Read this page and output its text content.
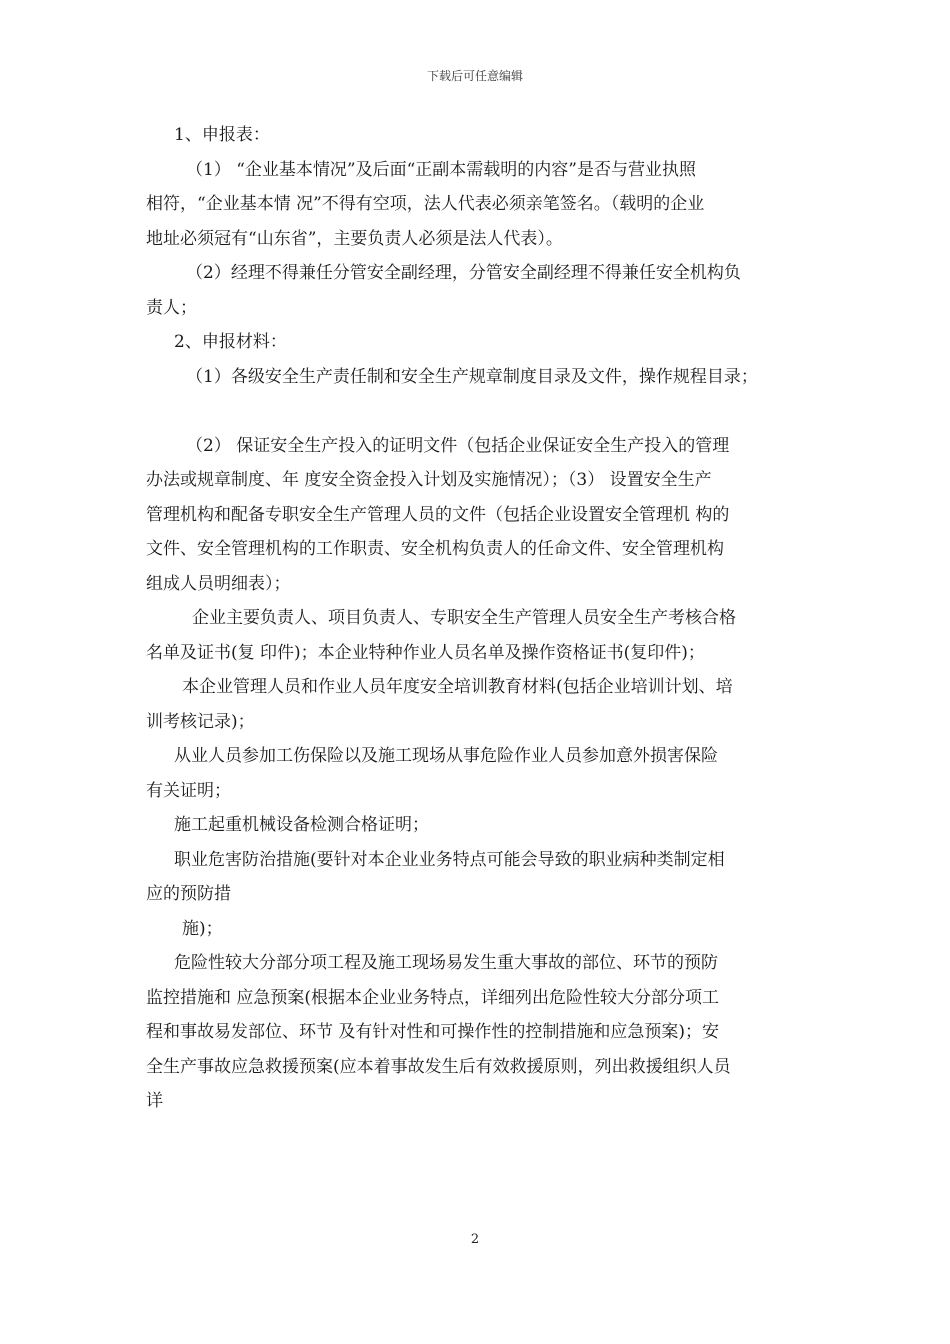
下载后可任意编辑
1、申报表：
（1） “企业基本情况”及后面“正副本需载明的内容”是否与营业执照
相符，“企业基本情 况”不得有空项，法人代表必须亲笔签名。（载明的企业
地址必须冠有“山东省”，主要负责人必须是法人代表）。
（2）经理不得兼任分管安全副经理，分管安全副经理不得兼任安全机构负
责人；
2、申报材料：
（1）各级安全生产责任制和安全生产规章制度目录及文件，操作规程目录；
（2） 保证安全生产投入的证明文件（包括企业保证安全生产投入的管理
办法或规章制度、年 度安全资金投入计划及实施情况）；（3） 设置安全生产
管理机构和配备专职安全生产管理人员的文件（包括企业设置安全管理机 构的
文件、安全管理机构的工作职责、安全机构负责人的任命文件、安全管理机构
组成人员明细表）；
企业主要负责人、项目负责人、专职安全生产管理人员安全生产考核合格
名单及证书(复 印件)；本企业特种作业人员名单及操作资格证书(复印件)；
本企业管理人员和作业人员年度安全培训教育材料(包括企业培训计划、培
训考核记录)；
从业人员参加工伤保险以及施工现场从事危险作业人员参加意外损害保险
有关证明；
施工起重机械设备检测合格证明；
职业危害防治措施(要针对本企业业务特点可能会导致的职业病种类制定相
应的预防措
施)；
危险性较大分部分项工程及施工现场易发生重大事故的部位、环节的预防
监控措施和 应急预案(根据本企业业务特点，详细列出危险性较大分部分项工
程和事故易发部位、环节 及有针对性和可操作性的控制措施和应急预案)；安
全生产事故应急救援预案(应本着事故发生后有效救援原则，列出救援组织人员
详
2
